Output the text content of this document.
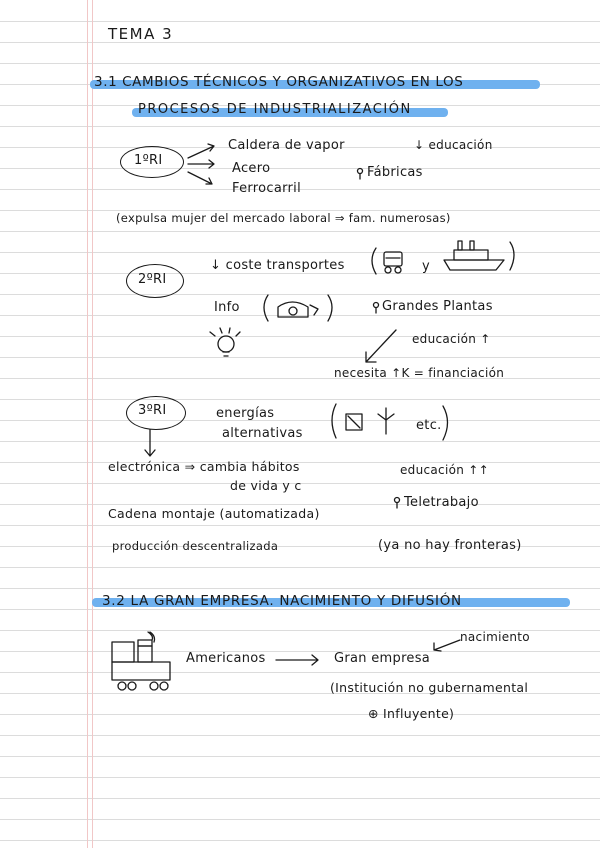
TEMA 3
3.1 CAMBIOS TÉCNICOS Y ORGANIZATIVOS EN LOS
PROCESOS DE INDUSTRIALIZACIÓN
1ºRI
Caldera de vapor
Acero
Ferrocarril
↓ educación
Fábricas
(expulsa mujer del mercado laboral ⇒ fam. numerosas)
2ºRI
↓ coste transportes	y
Info	Grandes Plantas
educación ↑
necesita ↑K = financiación
3ºRI	energías
alternativas
etc.
electrónica ⇒ cambia hábitos
de vida y c
educación ↑↑
Cadena montaje (automatizada)
Teletrabajo
producción descentralizada	(ya no hay fronteras)
3.2 LA GRAN EMPRESA. NACIMIENTO Y DIFUSIÓN
Americanos	Gran empresa
nacimiento
(Institución no gubernamental
⊕ Influyente)
